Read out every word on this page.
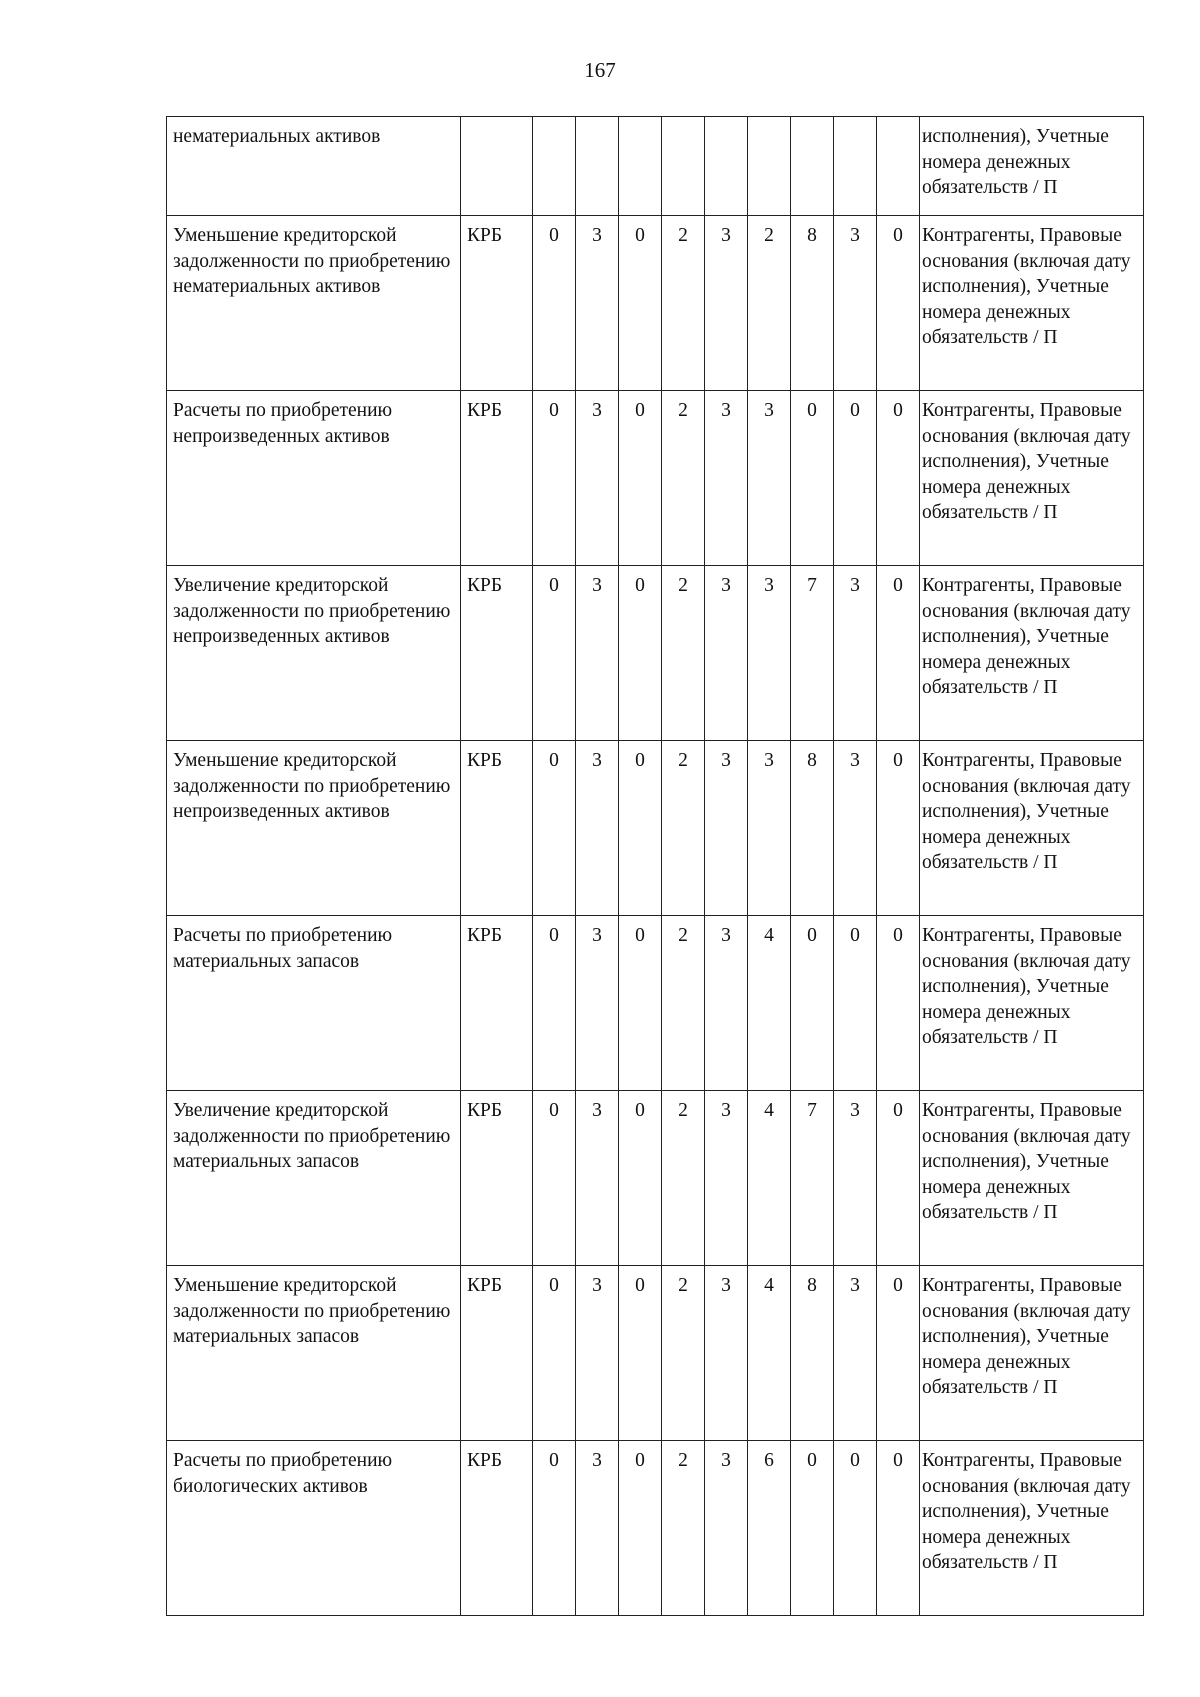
167
нематериальных активов											исполнения), Учетные номера денежных обязательств / П
Уменьшение кредиторской задолженности по приобретению нематериальных активов	КРБ	0	3	0	2	3	2	8	3	0	Контрагенты, Правовые основания (включая дату исполнения), Учетные номера денежных обязательств / П
Расчеты по приобретению непроизведенных активов	КРБ	0	3	0	2	3	3	0	0	0	Контрагенты, Правовые основания (включая дату исполнения), Учетные номера денежных обязательств / П
Увеличение кредиторской задолженности по приобретению непроизведенных активов	КРБ	0	3	0	2	3	3	7	3	0	Контрагенты, Правовые основания (включая дату исполнения), Учетные номера денежных обязательств / П
Уменьшение кредиторской задолженности по приобретению непроизведенных активов	КРБ	0	3	0	2	3	3	8	3	0	Контрагенты, Правовые основания (включая дату исполнения), Учетные номера денежных обязательств / П
Расчеты по приобретению материальных запасов	КРБ	0	3	0	2	3	4	0	0	0	Контрагенты, Правовые основания (включая дату исполнения), Учетные номера денежных обязательств / П
Увеличение кредиторской задолженности по приобретению материальных запасов	КРБ	0	3	0	2	3	4	7	3	0	Контрагенты, Правовые основания (включая дату исполнения), Учетные номера денежных обязательств / П
Уменьшение кредиторской задолженности по приобретению материальных запасов	КРБ	0	3	0	2	3	4	8	3	0	Контрагенты, Правовые основания (включая дату исполнения), Учетные номера денежных обязательств / П
Расчеты по приобретению биологических активов	КРБ	0	3	0	2	3	6	0	0	0	Контрагенты, Правовые основания (включая дату исполнения), Учетные номера денежных обязательств / П
